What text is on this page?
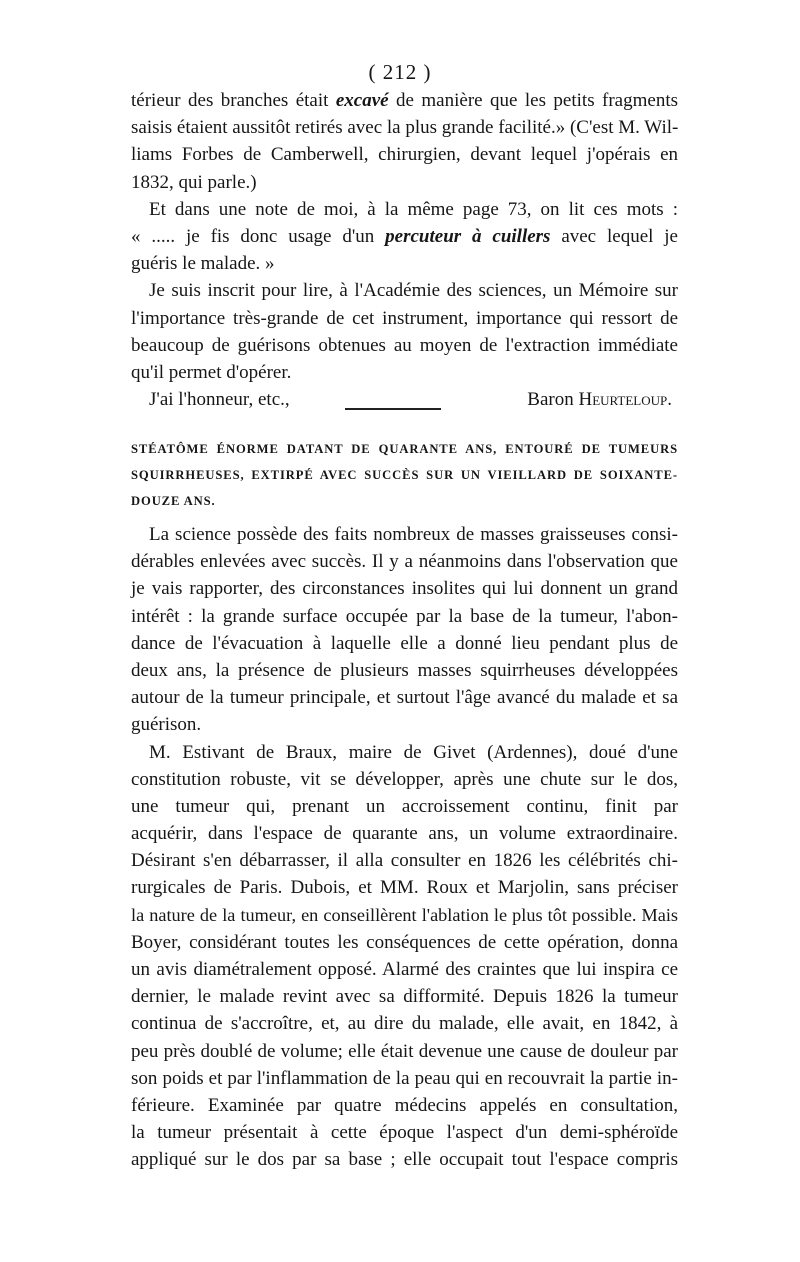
( 212 )
térieur des branches était excavé de manière que les petits fragments
saisis étaient aussitôt retirés avec la plus grande facilité.» (C'est M. Wil-
liams Forbes de Camberwell, chirurgien, devant lequel j'opérais en
1832, qui parle.)
Et dans une note de moi, à la même page 73, on lit ces mots :
« ..... je fis donc usage d'un percuteur à cuillers avec lequel je
guéris le malade. »
Je suis inscrit pour lire, à l'Académie des sciences, un Mémoire sur
l'importance très-grande de cet instrument, importance qui ressort de
beaucoup de guérisons obtenues au moyen de l'extraction immédiate
qu'il permet d'opérer.
J'ai l'honneur, etc.,	Baron Heurteloup.
STÉATÔME ÉNORME DATANT DE QUARANTE ANS, ENTOURÉ DE TUMEURS
SQUIRRHEUSES, EXTIRPÉ AVEC SUCCÈS SUR UN VIEILLARD DE SOIXANTE-
DOUZE ANS.
La science possède des faits nombreux de masses graisseuses consi-
dérables enlevées avec succès. Il y a néanmoins dans l'observation que
je vais rapporter, des circonstances insolites qui lui donnent un grand
intérêt : la grande surface occupée par la base de la tumeur, l'abon-
dance de l'évacuation à laquelle elle a donné lieu pendant plus de
deux ans, la présence de plusieurs masses squirrheuses développées
autour de la tumeur principale, et surtout l'âge avancé du malade et sa
guérison.
M. Estivant de Braux, maire de Givet (Ardennes), doué d'une
constitution robuste, vit se développer, après une chute sur le dos,
une tumeur qui, prenant un accroissement continu, finit par
acquérir, dans l'espace de quarante ans, un volume extraordinaire.
Désirant s'en débarrasser, il alla consulter en 1826 les célébrités chi-
rurgicales de Paris. Dubois, et MM. Roux et Marjolin, sans préciser
la nature de la tumeur, en conseillèrent l'ablation le plus tôt possible. Mais
Boyer, considérant toutes les conséquences de cette opération, donna
un avis diamétralement opposé. Alarmé des craintes que lui inspira ce
dernier, le malade revint avec sa difformité. Depuis 1826 la tumeur
continua de s'accroître, et, au dire du malade, elle avait, en 1842, à
peu près doublé de volume; elle était devenue une cause de douleur par
son poids et par l'inflammation de la peau qui en recouvrait la partie in-
férieure. Examinée par quatre médecins appelés en consultation,
la tumeur présentait à cette époque l'aspect d'un demi-sphéroïde
appliqué sur le dos par sa base ; elle occupait tout l'espace compris
